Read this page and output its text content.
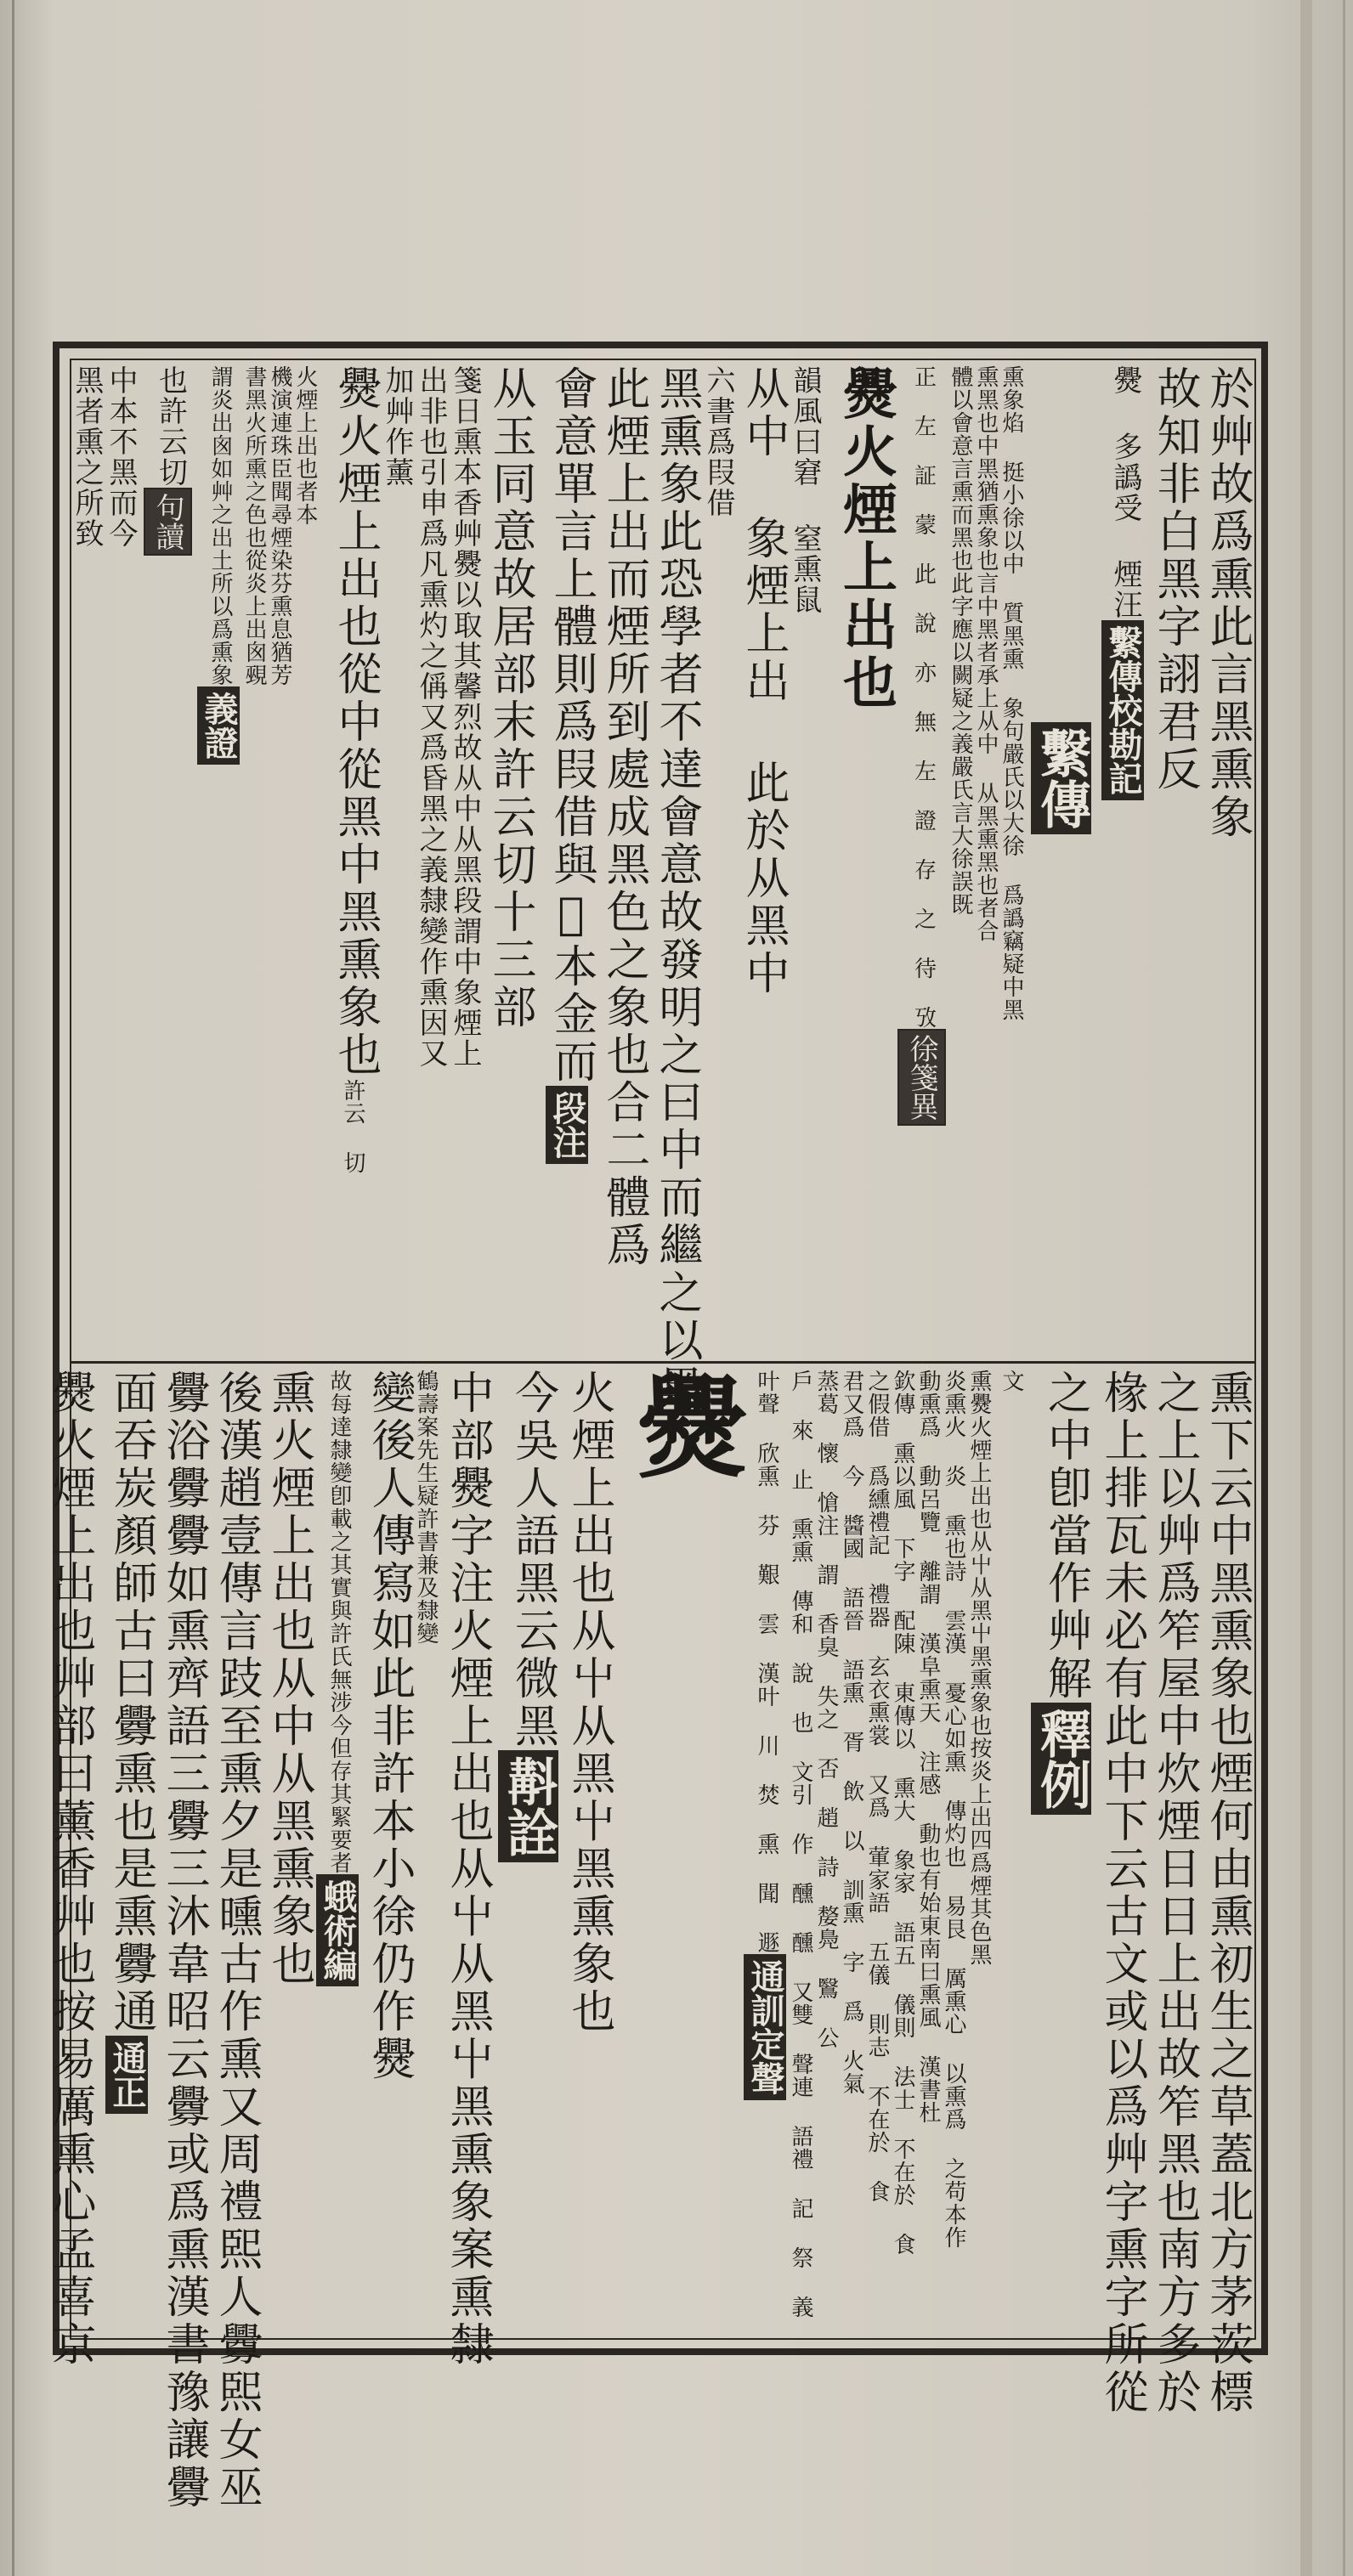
於艸故爲熏此言黑熏象
故知非白黑字詡君反
㸑 多譌受 煙汪
繫傳校勘記
繫傳
熏象焰 挺小徐以中 質黑熏 象句嚴氏以大徐 爲譌竊疑中黑
熏黑也中黑猶熏象也言中黑者承上从中 从黑熏黑也者合
體以會意言熏而黑也此字應以闕疑之義嚴氏言大徐誤既
正 左 証 蒙 此 說 亦 無 左 證 存 之 待 攷
徐箋異
㸑火煙上出也
韻風曰窘 窒熏鼠
从中 象煙上出 此於从黑中
六書爲叚借
黑熏象此恐學者不達會意故發明之曰中而繼之以黑
此煙上出而煙所到處成黑色之象也合二體爲
會意單言上體則爲叚借與𥾠本金而
段注
从玉同意故居部末許云切十三部
箋日熏本香艸㸑以取其馨烈故从中从黑段謂中象煙上
出非也引申爲凡熏灼之偁又爲昏黑之義隸變作熏因又
加艸作薰
㸑火煙上出也從中從黑中黑熏象也
許云 切
火煙上出也者本
機演連珠臣聞尋煙染芬熏息猶芳
書黑火所熏之色也從炎上出囪覡
謂炎出囪如艸之出土所以爲熏象
義證
也許云切
句讀
中本不黑而今
黑者熏之所致
熏下云中黑熏象也煙何由熏初生之草蓋北方茅茨標
之上以艸爲笮屋中炊煙日日上出故笮黑也南方多於
椽上排瓦未必有此中下云古文或以爲艸字熏字所從
之中卽當作艸解
釋例
文
熏㸑火煙上出也从屮从黑屮黑熏象也按炎上出四爲煙其色黑
炎熏火 炎 熏也詩 雲漢 憂心如熏 傳灼也 易艮 厲熏心 以熏爲 之苟本作
動熏爲 動呂覽 離謂 漢阜熏天 注感 動也有始東南曰熏風 漢書杜
欽傳 熏以風 下字 配陳 東傳以 熏大 象家 語五 儀則 法士 不在於 食
之假借 爲纁禮記 禮器 玄衣熏裳 又爲 葷家語 五儀 則志 不在於 食
君又爲 今 醬國 語晉 語熏 胥 飲 以 訓熏 字 爲 火氣
蒸葛 懷 愴注 謂 香臭 失之 否 趙 詩 嫠鳧 鷖 公
戶 來 止 熏熏 傳和 說 也 文引 作 醺 醺 又雙 聲連 語禮 記 祭 義
叶聲 欣熏 芬 艱 雲 漢叶 川 焚 熏 聞 遯
通訓定聲
㸑
火煙上出也从屮从黑屮黑熏象也
今吳人語黑云微黑
斠詮
中部㸑字注火煙上出也从屮从黑屮黑熏象案熏隸
鶴壽案先生疑許書兼及隸變
變後人傳寫如此非許本小徐仍作㸑
故每達隸變卽載之其實與許氏無涉今但存其緊要者
蛾術編
熏火煙上出也从中从黑熏象也
後漢趙壹傳言跂至熏夕是曛古作熏又周禮𤋮人釁𤋮女巫
釁浴釁釁如熏齊語三釁三沐韋昭云釁或爲熏漢書豫讓釁
面吞炭顏師古曰釁熏也是熏釁通
通正
㸑火煙上出也艸部曰薰香艸也按易厲熏心孟喜京
